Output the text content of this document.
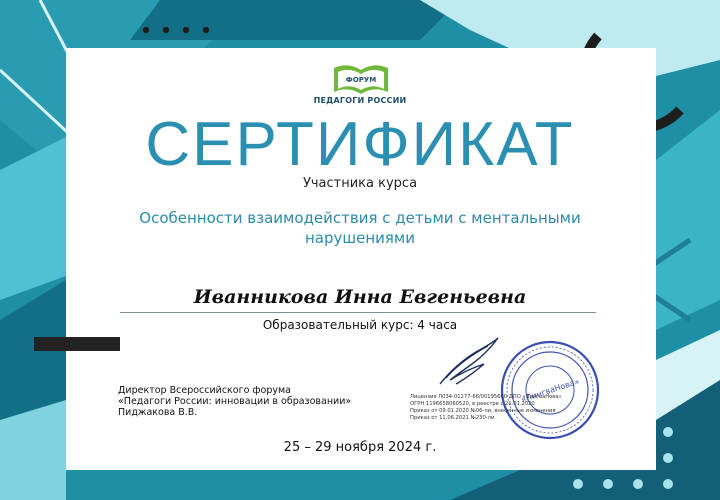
ФОРУМ
ПЕДАГОГИ РОССИИ
СЕРТИФИКАТ
Участника курса
Особенности взаимодействия с детьми с ментальными
нарушениями
Иванникова Инна Евгеньевна
Образовательный курс: 4 часа
«ЛингваНова»
Директор Всероссийского форума
«Педагоги России: инновации в образовании»
Пиджакова В.В.
Лицензия Л034-01277-66/00195660 ДПО «ЛингваНова»
ОГРН 1196658060520, в реестре с 21.01.2020
Приказ от 09.01.2020 №06-ли, внесенные изменения
Приказ от 11.06.2021 №230-ли
25 – 29 ноября 2024 г.
